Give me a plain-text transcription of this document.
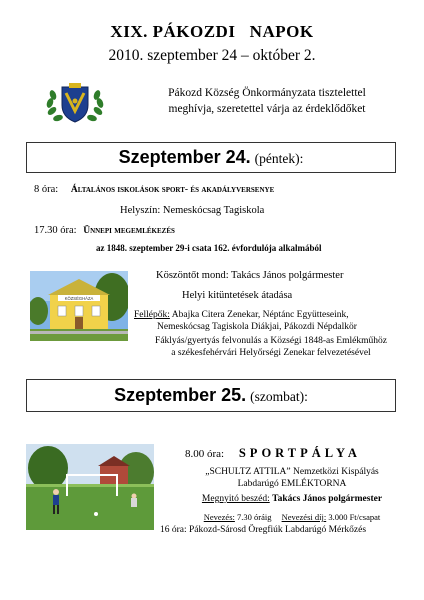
XIX. PÁKOZDI   NAPOK
2010. szeptember 24 – október 2.
Pákozd Község Önkormányzata tisztelettel
meghívja, szeretettel várja az érdeklődőket
Szeptember 24. (péntek):
8 óra: Általános iskolások sport- és akadályversenye
Helyszín: Nemeskócsag Tagiskola
17.30 óra: Ünnepi megemlékezés
az 1848. szeptember 29-i csata 162. évfordulója alkalmából
KÖZSÉGHÁZA
Köszöntőt mond: Takács János polgármester
Helyi kitüntetések átadása
Fellépők: Abajka Citera Zenekar, Néptánc Együtteseink,
Nemeskócsag Tagiskola Diákjai, Pákozdi Népdalkör
Fáklyás/gyertyás felvonulás a Községi 1848-as Emlékműhöz
a székesfehérvári Helyőrségi Zenekar felvezetésével
Szeptember 25. (szombat):
8.00 óra: SPORTPÁLYA
„SCHULTZ ATTILA” Nemzetközi Kispályás
Labdarúgó EMLÉKTORNA
Megnyitó beszéd: Takács János polgármester
Nevezés: 7.30 óráig Nevezési díj: 3.000 Ft/csapat
16 óra: Pákozd-Sárosd Öregfiúk Labdarúgó Mérkőzés
